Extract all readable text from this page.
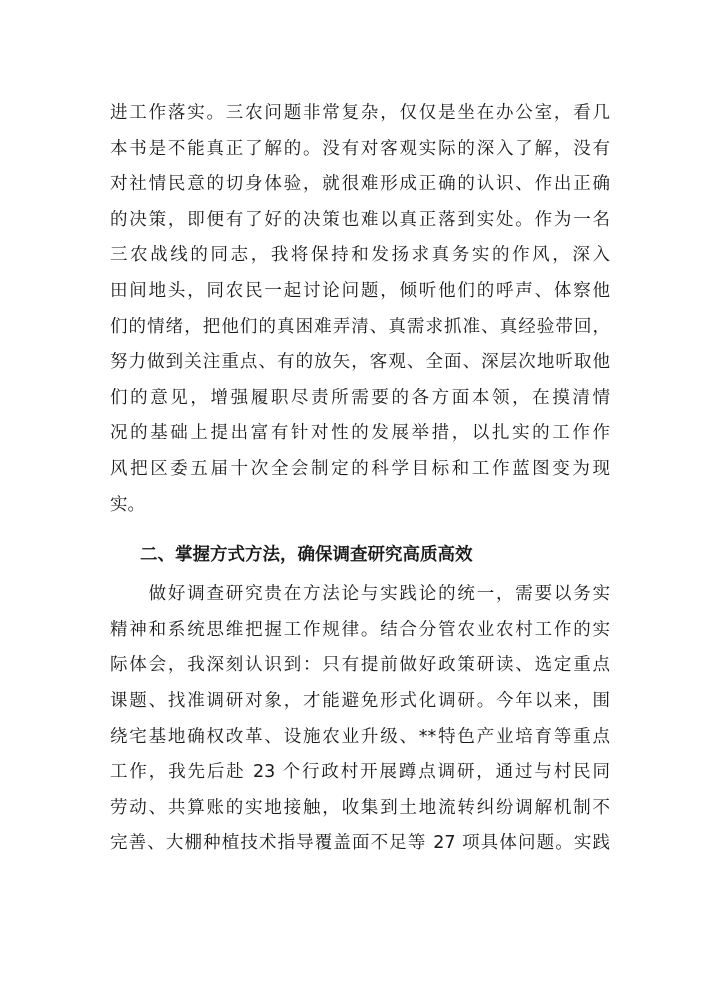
进工作落实。三农问题非常复杂，仅仅是坐在办公室，看几
本书是不能真正了解的。没有对客观实际的深入了解，没有
对社情民意的切身体验，就很难形成正确的认识、作出正确
的决策，即便有了好的决策也难以真正落到实处。作为一名
三农战线的同志，我将保持和发扬求真务实的作风，深入
田间地头，同农民一起讨论问题，倾听他们的呼声、体察他
们的情绪，把他们的真困难弄清、真需求抓准、真经验带回，
努力做到关注重点、有的放矢，客观、全面、深层次地听取他
们的意见，增强履职尽责所需要的各方面本领，在摸清情
况的基础上提出富有针对性的发展举措，以扎实的工作作
风把区委五届十次全会制定的科学目标和工作蓝图变为现
实。
二、掌握方式方法，确保调查研究高质高效
　　做好调查研究贵在方法论与实践论的统一，需要以务实
精神和系统思维把握工作规律。结合分管农业农村工作的实
际体会，我深刻认识到：只有提前做好政策研读、选定重点
课题、找准调研对象，才能避免形式化调研。今年以来，围
绕宅基地确权改革、设施农业升级、**特色产业培育等重点
工作，我先后赴 23 个行政村开展蹲点调研，通过与村民同
劳动、共算账的实地接触，收集到土地流转纠纷调解机制不
完善、大棚种植技术指导覆盖面不足等 27 项具体问题。实践
